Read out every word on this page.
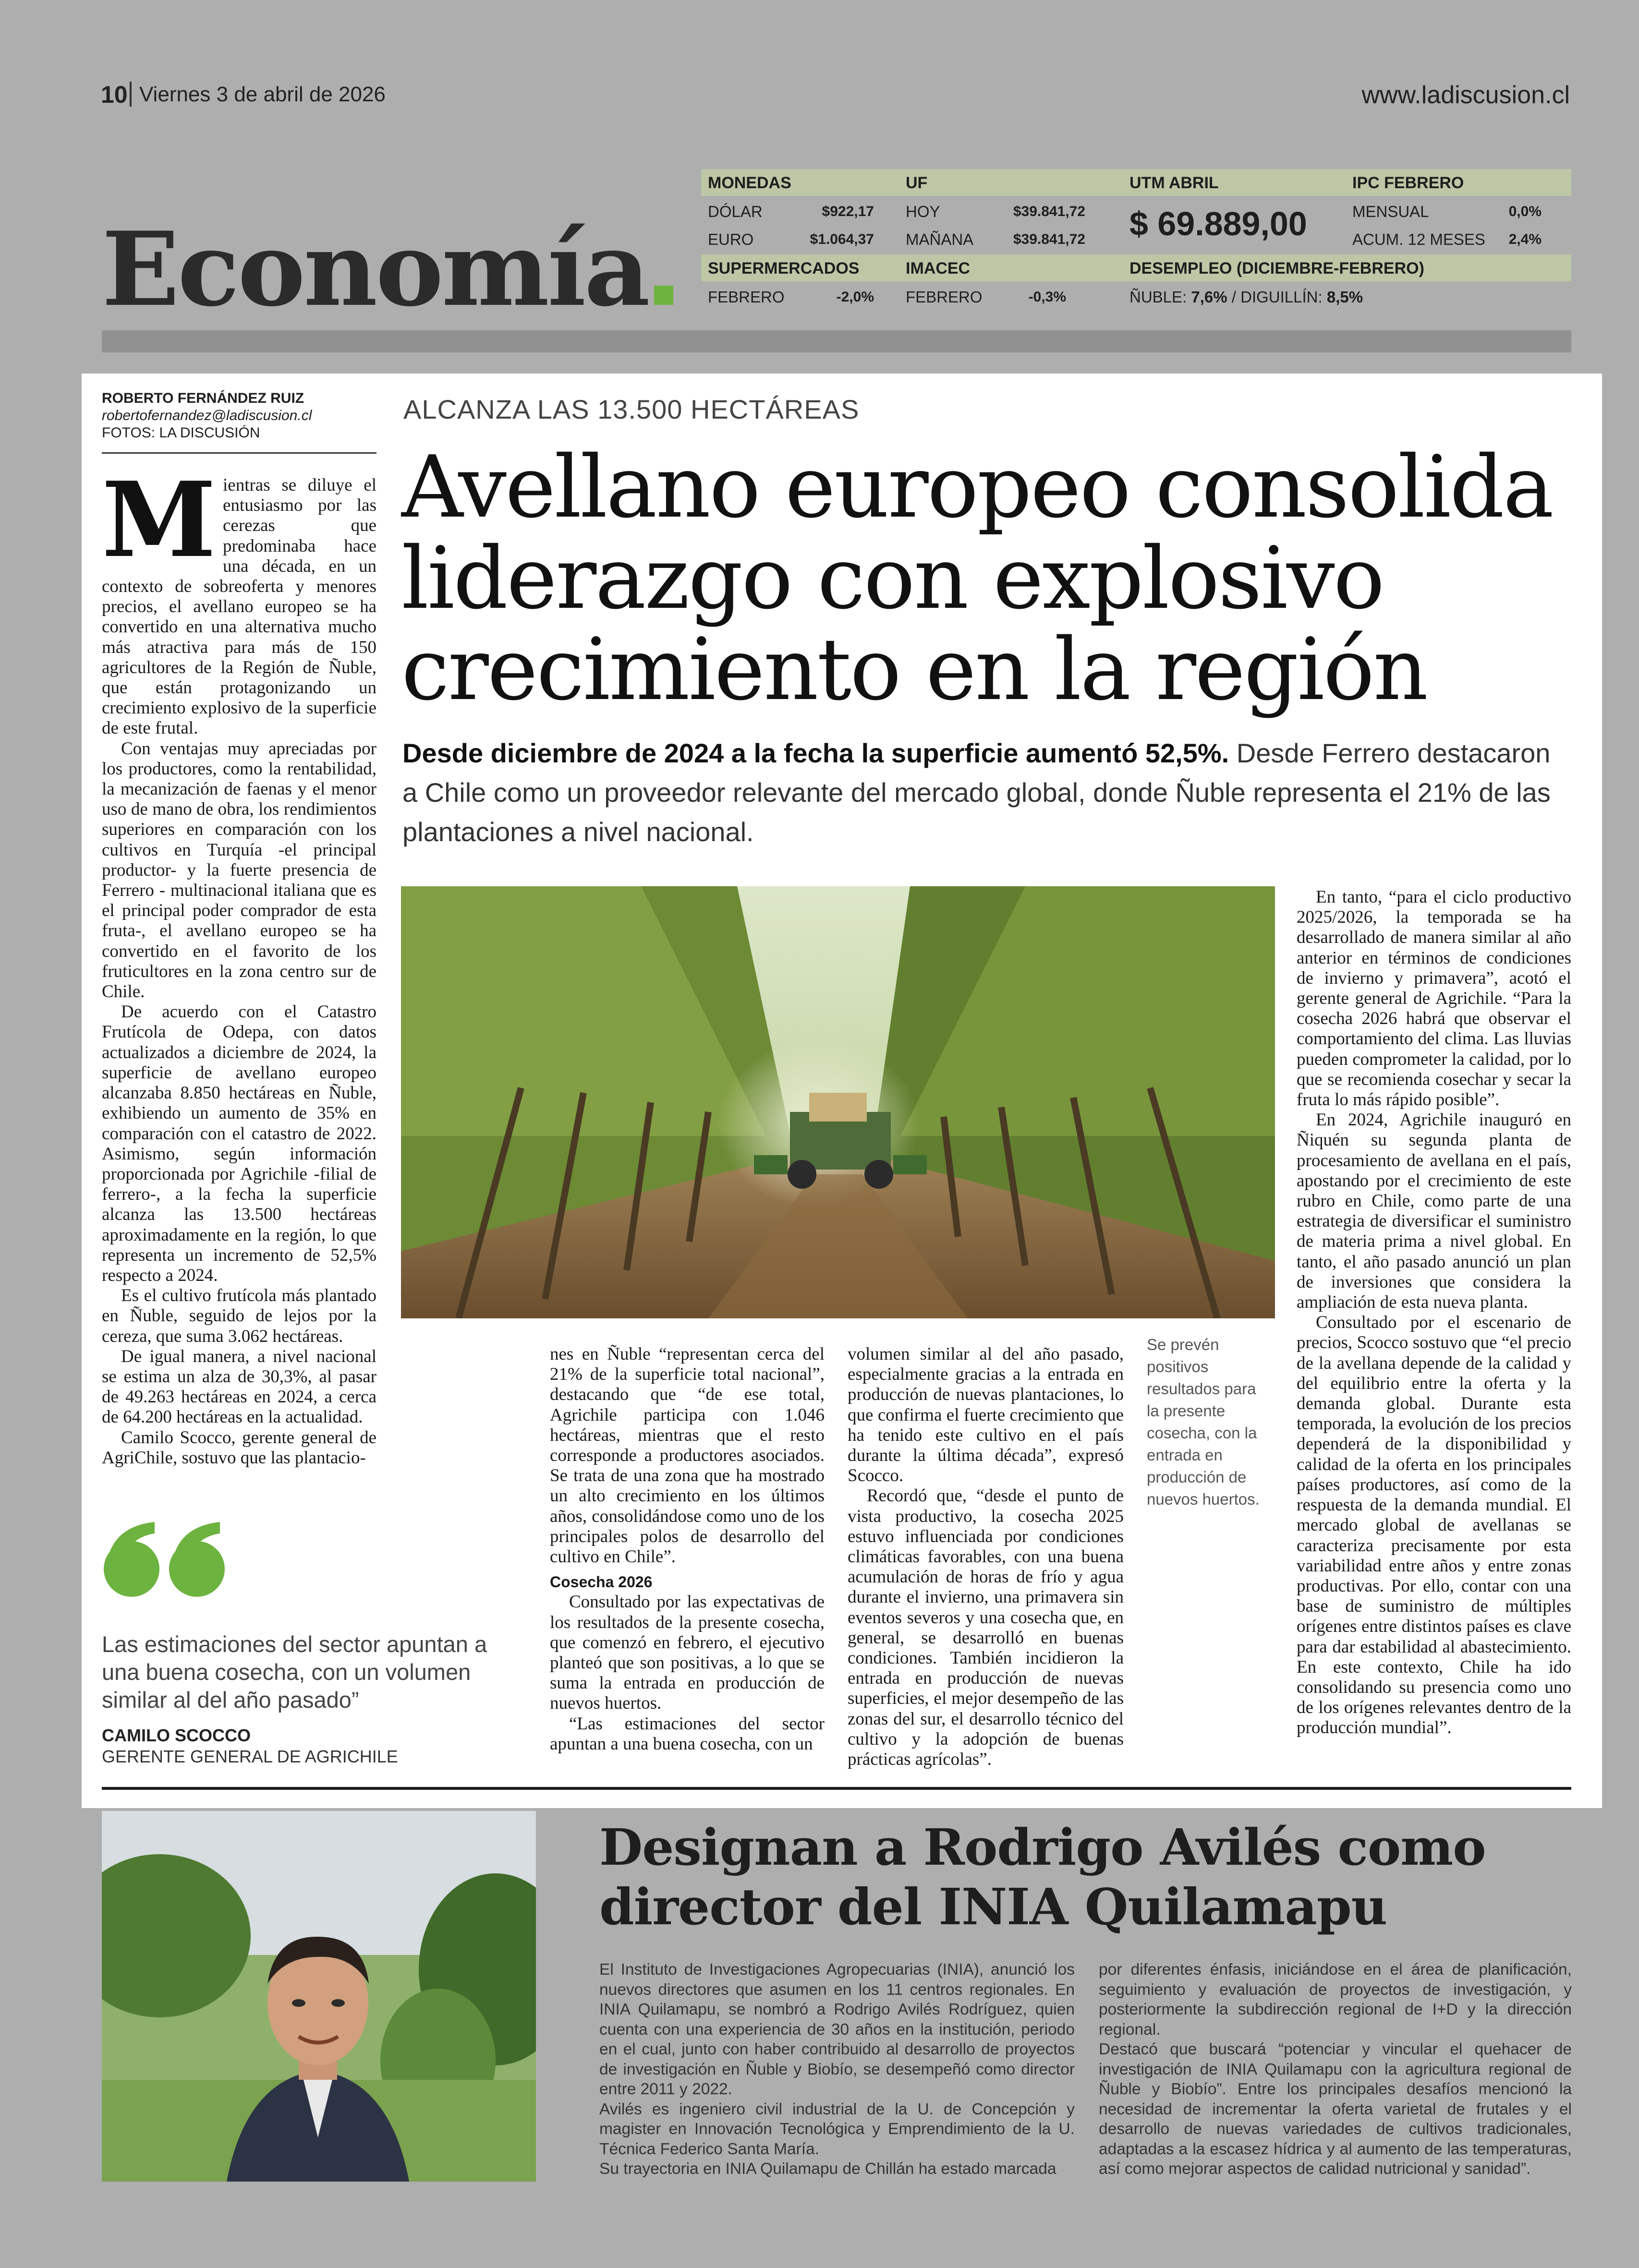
10 Viernes 3 de abril de 2026	www.ladiscusion.cl
Economía
MONEDAS
DÓLAR	$922,17
EURO	$1.064,37
UF
HOY	$39.841,72
MAÑANA	$39.841,72
UTM ABRIL
$ 69.889,00
IPC FEBRERO
MENSUAL	0,0%
ACUM. 12 MESES	2,4%
SUPERMERCADOS
FEBRERO	-2,0%
IMACEC
FEBRERO	-0,3%
DESEMPLEO (DICIEMBRE-FEBRERO)
ÑUBLE: 7,6% / DIGUILLÍN: 8,5%
ROBERTO FERNÁNDEZ RUIZ
robertofernandez@ladiscusion.cl
FOTOS: LA DISCUSIÓN
ALCANZA LAS 13.500 HECTÁREAS
Avellano europeo consolida liderazgo con explosivo crecimiento en la región
Desde diciembre de 2024 a la fecha la superficie aumentó 52,5%. Desde Ferrero destacaron a Chile como un proveedor relevante del mercado global, donde Ñuble representa el 21% de las plantaciones a nivel nacional.

Mientras se diluye el entusiasmo por las cerezas que predominaba hace una década, en un contexto de sobreoferta y menores precios, el avellano europeo se ha convertido en una alternativa mucho más atractiva para más de 150 agricultores de la Región de Ñuble, que están protagonizando un crecimiento explosivo de la superficie de este frutal.

Con ventajas muy apreciadas por los productores, como la rentabilidad, la mecanización de faenas y el menor uso de mano de obra, los rendimientos superiores en comparación con los cultivos en Turquía -el principal productor- y la fuerte presencia de Ferrero - multinacional italiana que es el principal poder comprador de esta fruta-, el avellano europeo se ha convertido en el favorito de los fruticultores en la zona centro sur de Chile.

De acuerdo con el Catastro Frutícola de Odepa, con datos actualizados a diciembre de 2024, la superficie de avellano europeo alcanzaba 8.850 hectáreas en Ñuble, exhibiendo un aumento de 35% en comparación con el catastro de 2022. Asimismo, según información proporcionada por Agrichile -filial de ferrero-, a la fecha la superficie alcanza las 13.500 hectáreas aproximadamente en la región, lo que representa un incremento de 52,5% respecto a 2024.

Es el cultivo frutícola más plantado en Ñuble, seguido de lejos por la cereza, que suma 3.062 hectáreas.

De igual manera, a nivel nacional se estima un alza de 30,3%, al pasar de 49.263 hectáreas en 2024, a cerca de 64.200 hectáreas en la actualidad.

Camilo Scocco, gerente general de AgriChile, sostuvo que las plantacio-

nes en Ñuble “representan cerca del 21% de la superficie total nacional”, destacando que “de ese total, Agrichile participa con 1.046 hectáreas, mientras que el resto corresponde a productores asociados. Se trata de una zona que ha mostrado un alto crecimiento en los últimos años, consolidándose como uno de los principales polos de desarrollo del cultivo en Chile”.

Cosecha 2026

Consultado por las expectativas de los resultados de la presente cosecha, que comenzó en febrero, el ejecutivo planteó que son positivas, a lo que se suma la entrada en producción de nuevos huertos.

“Las estimaciones del sector apuntan a una buena cosecha, con un

volumen similar al del año pasado, especialmente gracias a la entrada en producción de nuevas plantaciones, lo que confirma el fuerte crecimiento que ha tenido este cultivo en el país durante la última década”, expresó Scocco.

Recordó que, “desde el punto de vista productivo, la cosecha 2025 estuvo influenciada por condiciones climáticas favorables, con una buena acumulación de horas de frío y agua durante el invierno, una primavera sin eventos severos y una cosecha que, en general, se desarrolló en buenas condiciones. También incidieron la entrada en producción de nuevas superficies, el mejor desempeño de las zonas del sur, el desarrollo técnico del cultivo y la adopción de buenas prácticas agrícolas”.

Se prevén positivos resultados para la presente cosecha, con la entrada en producción de nuevos huertos.

En tanto, “para el ciclo productivo 2025/2026, la temporada se ha desarrollado de manera similar al año anterior en términos de condiciones de invierno y primavera”, acotó el gerente general de Agrichile. “Para la cosecha 2026 habrá que observar el comportamiento del clima. Las lluvias pueden comprometer la calidad, por lo que se recomienda cosechar y secar la fruta lo más rápido posible”.

En 2024, Agrichile inauguró en Ñiquén su segunda planta de procesamiento de avellana en el país, apostando por el crecimiento de este rubro en Chile, como parte de una estrategia de diversificar el suministro de materia prima a nivel global. En tanto, el año pasado anunció un plan de inversiones que considera la ampliación de esta nueva planta.

Consultado por el escenario de precios, Scocco sostuvo que “el precio de la avellana depende de la calidad y del equilibrio entre la oferta y la demanda global. Durante esta temporada, la evolución de los precios dependerá de la disponibilidad y calidad de la oferta en los principales países productores, así como de la respuesta de la demanda mundial. El mercado global de avellanas se caracteriza precisamente por esta variabilidad entre años y entre zonas productivas. Por ello, contar con una base de suministro de múltiples orígenes entre distintos países es clave para dar estabilidad al abastecimiento. En este contexto, Chile ha ido consolidando su presencia como uno de los orígenes relevantes dentro de la producción mundial”.

Las estimaciones del sector apuntan a una buena cosecha, con un volumen similar al del año pasado”
CAMILO SCOCCO
GERENTE GENERAL DE AGRICHILE
Designan a Rodrigo Avilés como director del INIA Quilamapu
El Instituto de Investigaciones Agropecuarias (INIA), anunció los nuevos directores que asumen en los 11 centros regionales. En INIA Quilamapu, se nombró a Rodrigo Avilés Rodríguez, quien cuenta con una experiencia de 30 años en la institución, periodo en el cual, junto con haber contribuido al desarrollo de proyectos de investigación en Ñuble y Biobío, se desempeñó como director entre 2011 y 2022.
Avilés es ingeniero civil industrial de la U. de Concepción y magister en Innovación Tecnológica y Emprendimiento de la U. Técnica Federico Santa María.
Su trayectoria en INIA Quilamapu de Chillán ha estado marcada
por diferentes énfasis, iniciándose en el área de planificación, seguimiento y evaluación de proyectos de investigación, y posteriormente la subdirección regional de I+D y la dirección regional.
Destacó que buscará “potenciar y vincular el quehacer de investigación de INIA Quilamapu con la agricultura regional de Ñuble y Biobío”. Entre los principales desafíos mencionó la necesidad de incrementar la oferta varietal de frutales y el desarrollo de nuevas variedades de cultivos tradicionales, adaptadas a la escasez hídrica y al aumento de las temperaturas, así como mejorar aspectos de calidad nutricional y sanidad”.
